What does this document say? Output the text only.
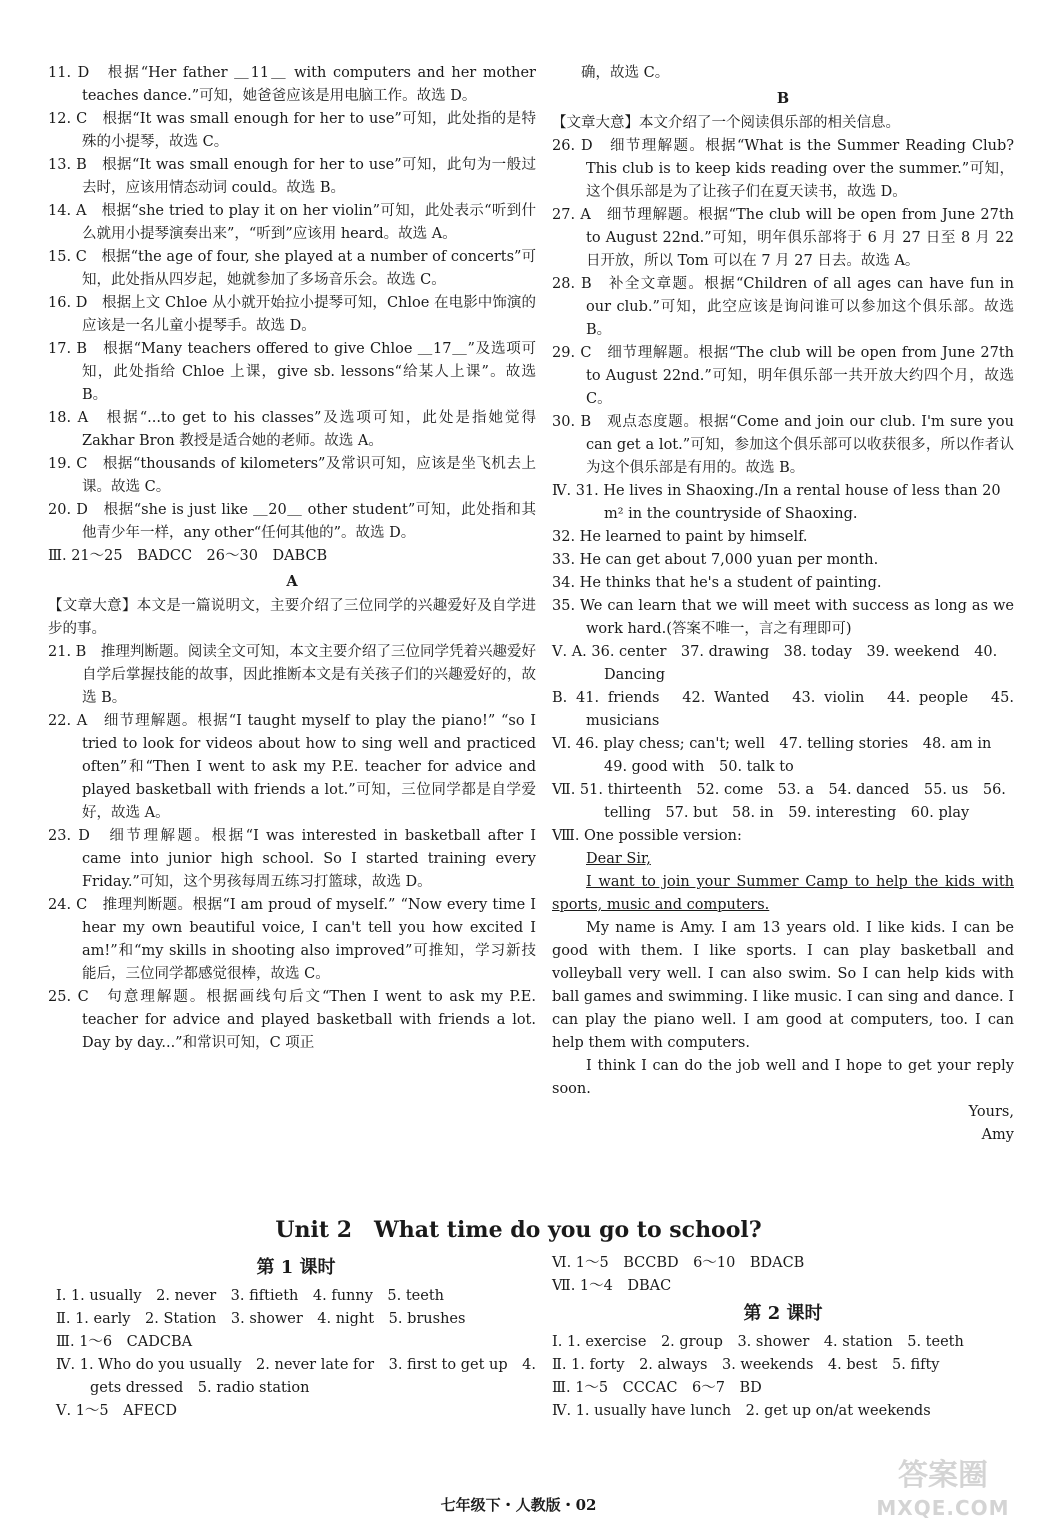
11. D　根据“Her father ＿11＿ with computers and her mother teaches dance.”可知，她爸爸应该是用电脑工作。故选 D。

12. C　根据“It was small enough for her to use”可知，此处指的是特殊的小提琴，故选 C。

13. B　根据“It was small enough for her to use”可知，此句为一般过去时，应该用情态动词 could。故选 B。

14. A　根据“she tried to play it on her violin”可知，此处表示“听到什么就用小提琴演奏出来”，“听到”应该用 heard。故选 A。

15. C　根据“the age of four, she played at a number of concerts”可知，此处指从四岁起，她就参加了多场音乐会。故选 C。

16. D　根据上文 Chloe 从小就开始拉小提琴可知，Chloe 在电影中饰演的应该是一名儿童小提琴手。故选 D。

17. B　根据“Many teachers offered to give Chloe ＿17＿”及选项可知，此处指给 Chloe 上课，give sb. lessons“给某人上课”。故选 B。

18. A　根据“...to get to his classes”及选项可知，此处是指她觉得 Zakhar Bron 教授是适合她的老师。故选 A。

19. C　根据“thousands of kilometers”及常识可知，应该是坐飞机去上课。故选 C。

20. D　根据“she is just like ＿20＿ other student”可知，此处指和其他青少年一样，any other“任何其他的”。故选 D。

Ⅲ. 21～25　BADCC　26～30　DABCB

A

【文章大意】本文是一篇说明文，主要介绍了三位同学的兴趣爱好及自学进步的事。

21. B　推理判断题。阅读全文可知，本文主要介绍了三位同学凭着兴趣爱好自学后掌握技能的故事，因此推断本文是有关孩子们的兴趣爱好的，故选 B。

22. A　细节理解题。根据“I taught myself to play the piano!” “so I tried to look for videos about how to sing well and practiced often”和“Then I went to ask my P.E. teacher for advice and played basketball with friends a lot.”可知，三位同学都是自学爱好，故选 A。

23. D　细节理解题。根据“I was interested in basketball after I came into junior high school. So I started training every Friday.”可知，这个男孩每周五练习打篮球，故选 D。

24. C　推理判断题。根据“I am proud of myself.” “Now every time I hear my own beautiful voice, I can't tell you how excited I am!”和“my skills in shooting also improved”可推知，学习新技能后，三位同学都感觉很棒，故选 C。

25. C　句意理解题。根据画线句后文“Then I went to ask my P.E. teacher for advice and played basketball with friends a lot. Day by day...”和常识可知，C 项正

　　确，故选 C。

B

【文章大意】本文介绍了一个阅读俱乐部的相关信息。

26. D　细节理解题。根据“What is the Summer Reading Club? This club is to keep kids reading over the summer.”可知，这个俱乐部是为了让孩子们在夏天读书，故选 D。

27. A　细节理解题。根据“The club will be open from June 27th to August 22nd.”可知，明年俱乐部将于 6 月 27 日至 8 月 22 日开放，所以 Tom 可以在 7 月 27 日去。故选 A。

28. B　补全文章题。根据“Children of all ages can have fun in our club.”可知，此空应该是询问谁可以参加这个俱乐部。故选 B。

29. C　细节理解题。根据“The club will be open from June 27th to August 22nd.”可知，明年俱乐部一共开放大约四个月，故选 C。

30. B　观点态度题。根据“Come and join our club. I'm sure you can get a lot.”可知，参加这个俱乐部可以收获很多，所以作者认为这个俱乐部是有用的。故选 B。

Ⅳ. 31. He lives in Shaoxing./In a rental house of less than 20 m² in the countryside of Shaoxing.

32. He learned to paint by himself.

33. He can get about 7,000 yuan per month.

34. He thinks that he's a student of painting.

35. We can learn that we will meet with success as long as we work hard.(答案不唯一，言之有理即可)

Ⅴ. A. 36. center　37. drawing　38. today　39. weekend　40. Dancing

B. 41. friends　42. Wanted　43. violin　44. people　45. musicians

Ⅵ. 46. play chess; can't; well　47. telling stories　48. am in　49. good with　50. talk to

Ⅶ. 51. thirteenth　52. come　53. a　54. danced　55. us　56. telling　57. but　58. in　59. interesting　60. play

Ⅷ. One possible version:

Dear Sir,

I want to join your Summer Camp to help the kids with sports, music and computers.

My name is Amy. I am 13 years old. I like kids. I can be good with them. I like sports. I can play basketball and volleyball very well. I can also swim. So I can help kids with ball games and swimming. I like music. I can sing and dance. I can play the piano well. I am good at computers, too. I can help them with computers.

I think I can do the job well and I hope to get your reply soon.

Yours,

Amy

Unit 2　What time do you go to school?
第 1 课时

Ⅰ. 1. usually　2. never　3. fiftieth　4. funny　5. teeth

Ⅱ. 1. early　2. Station　3. shower　4. night　5. brushes

Ⅲ. 1～6　CADCBA

Ⅳ. 1. Who do you usually　2. never late for　3. first to get up　4. gets dressed　5. radio station

Ⅴ. 1～5　AFECD

Ⅵ. 1～5　BCCBD　6～10　BDACB

Ⅶ. 1～4　DBAC

第 2 课时

Ⅰ. 1. exercise　2. group　3. shower　4. station　5. teeth

Ⅱ. 1. forty　2. always　3. weekends　4. best　5. fifty

Ⅲ. 1～5　CCCAC　6～7　BD

Ⅳ. 1. usually have lunch　2. get up on/at weekends

七年级下・人教版・02
答案圈
MXQE.COM
